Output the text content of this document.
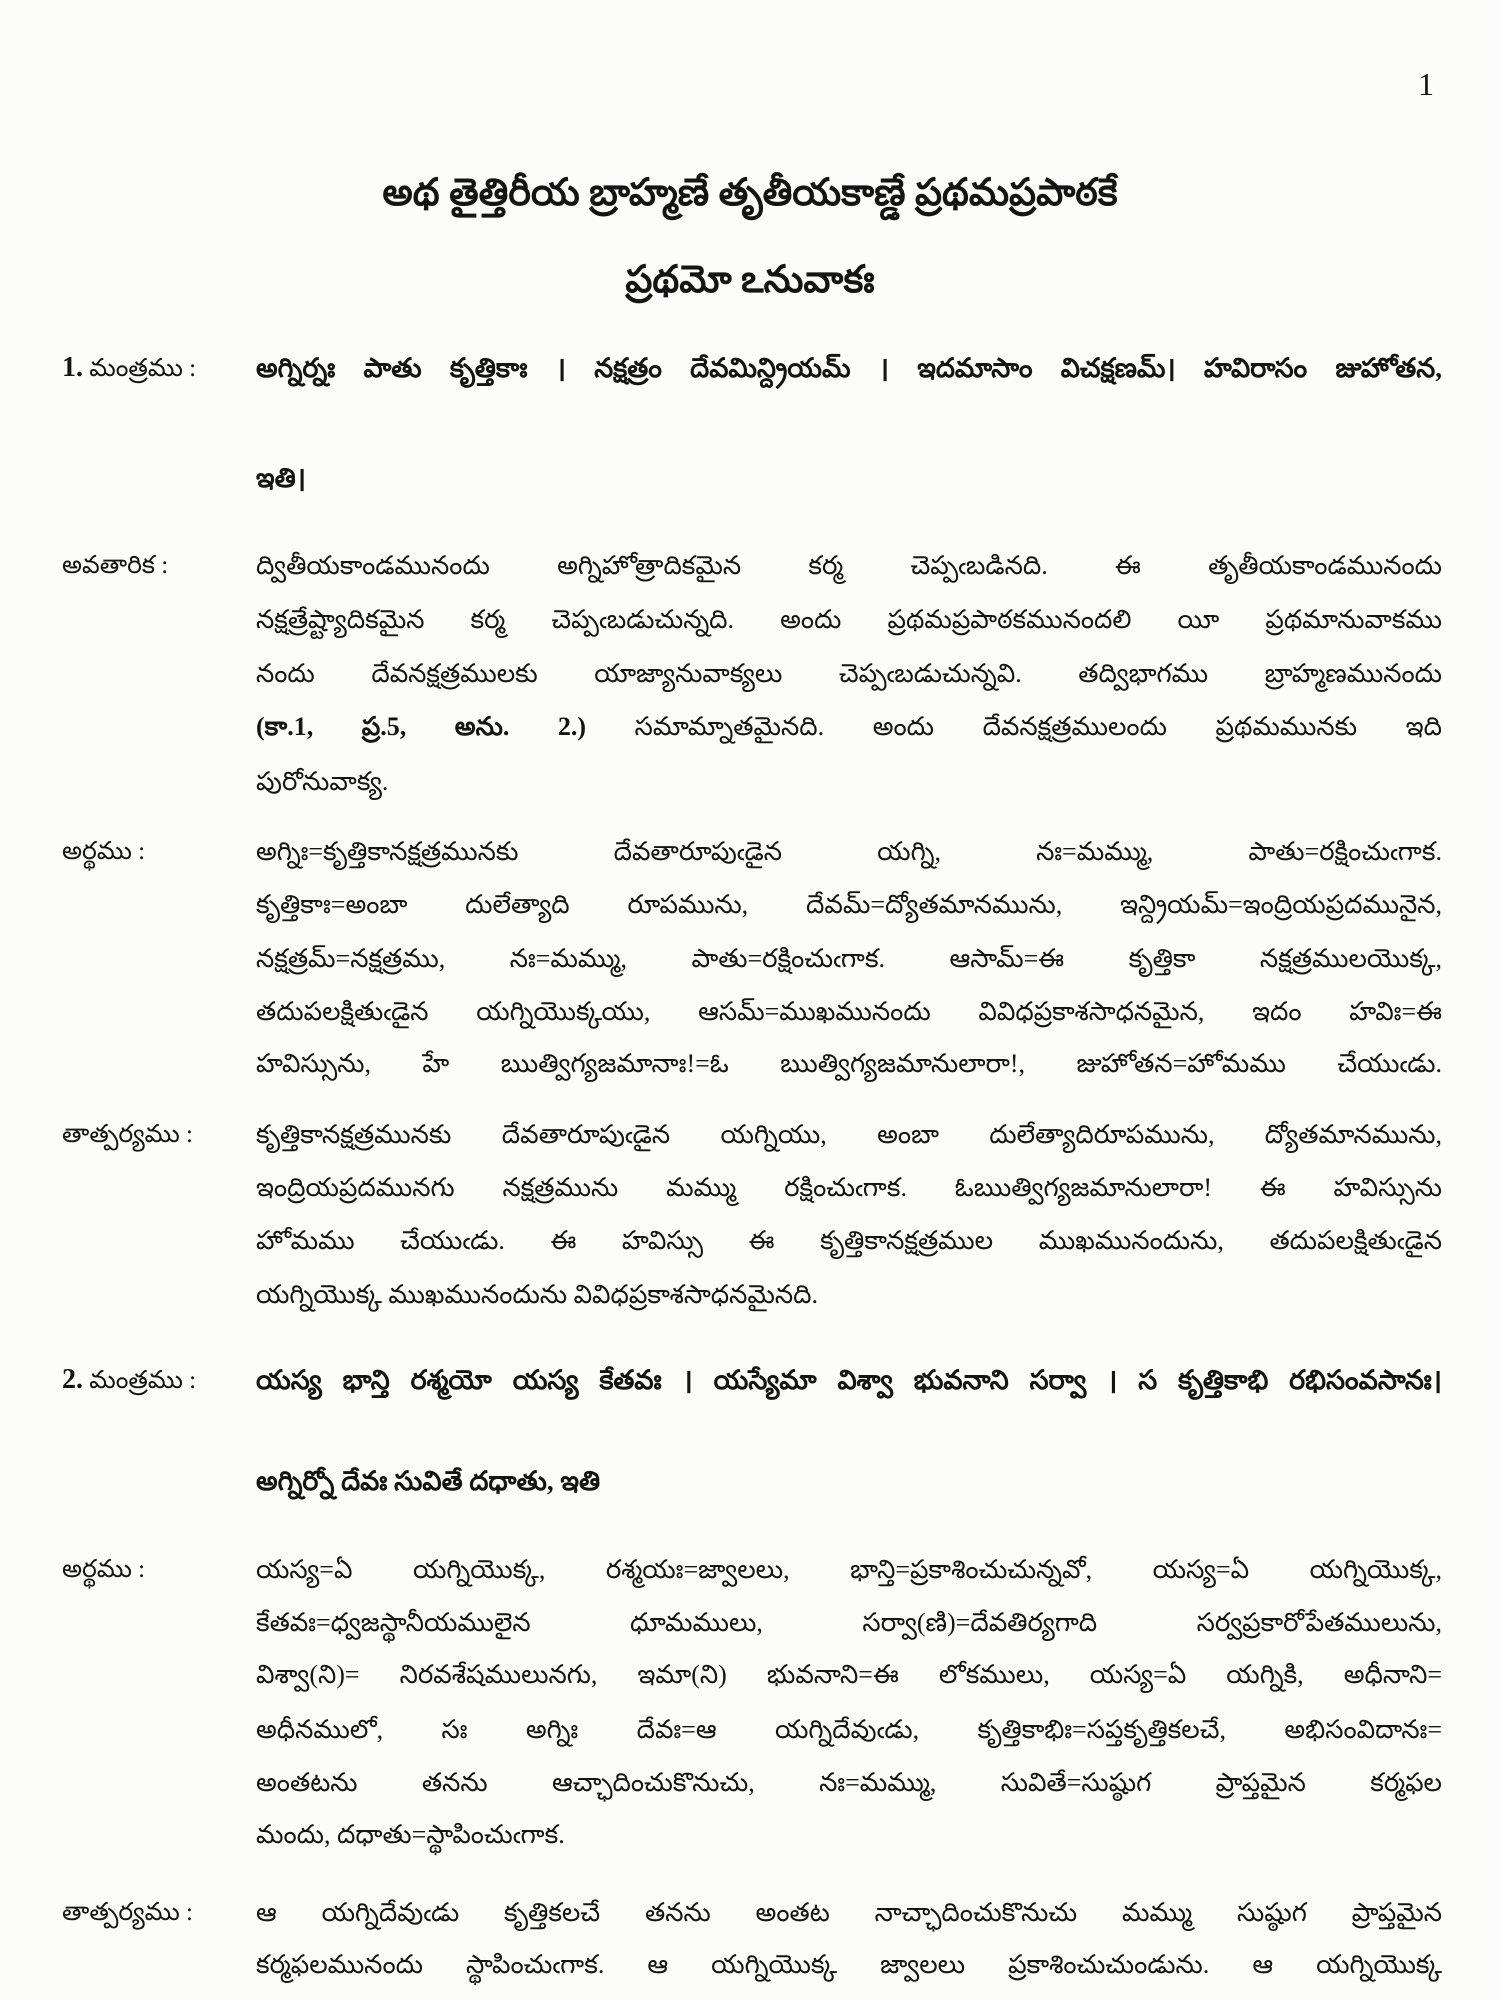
1
అథ తైత్తిరీయ బ్రాహ్మణే తృతీయకాణ్డే ప్రథమప్రపాఠకే
ప్రథమో ఽనువాకః
1. మంత్రము :	అగ్నిర్నః పాతు కృత్తికాః । నక్షత్రం దేవమిన్ద్రియమ్ । ఇదమాసాం విచక్షణమ్। హవిరాసం జుహోతన,
ఇతి।
అవతారిక :	ద్వితీయకాండమునందు అగ్నిహోత్రాదికమైన కర్మ చెప్పఁబడినది. ఈ తృతీయకాండమునందు
నక్షత్రేష్ట్యాదికమైన కర్మ చెప్పఁబడుచున్నది. అందు ప్రథమప్రపాఠకమునందలి యీ ప్రథమానువాకము
నందు దేవనక్షత్రములకు యాజ్యానువాక్యలు చెప్పఁబడుచున్నవి. తద్విభాగము బ్రాహ్మణమునందు
(కా.1, ప్ర.5, అను. 2.) సమామ్నాతమైనది. అందు దేవనక్షత్రములందు ప్రథమమునకు ఇది
పురోనువాక్య.
అర్థము :	అగ్నిః=కృత్తికానక్షత్రమునకు దేవతారూపుఁడైన యగ్ని, నః=మమ్ము, పాతు=రక్షించుఁగాక.
కృత్తికాః=అంబా దులేత్యాది రూపమును, దేవమ్=ద్యోతమానమును, ఇన్ద్రియమ్=ఇంద్రియప్రదమునైన,
నక్షత్రమ్=నక్షత్రము, నః=మమ్ము, పాతు=రక్షించుఁగాక. ఆసామ్=ఈ కృత్తికా నక్షత్రములయొక్క,
తదుపలక్షితుఁడైన యగ్నియొక్కయు, ఆసమ్=ముఖమునందు వివిధప్రకాశసాధనమైన, ఇదం హవిః=ఈ
హవిస్సును, హే ఋత్విగ్యజమానాః!=ఓ ఋత్విగ్యజమానులారా!, జుహోతన=హోమము చేయుఁడు.
తాత్పర్యము :	కృత్తికానక్షత్రమునకు దేవతారూపుఁడైన యగ్నియు, అంబా దులేత్యాదిరూపమును, ద్యోతమానమును,
ఇంద్రియప్రదమునగు నక్షత్రమును మమ్ము రక్షించుఁగాక. ఓఋత్విగ్యజమానులారా! ఈ హవిస్సును
హోమము చేయుఁడు. ఈ హవిస్సు ఈ కృత్తికానక్షత్రముల ముఖమునందును, తదుపలక్షితుఁడైన
యగ్నియొక్క ముఖమునందును వివిధప్రకాశసాధనమైనది.
2. మంత్రము :	యస్య భాన్తి రశ్మయో యస్య కేతవః । యస్యేమా విశ్వా భువనాని సర్వా । స కృత్తికాభి రభిసంవసానః।
అగ్నిర్నో దేవః సువితే దధాతు, ఇతి
అర్థము :	యస్య=ఏ యగ్నియొక్క, రశ్మయః=జ్వాలలు, భాన్తి=ప్రకాశించుచున్నవో, యస్య=ఏ యగ్నియొక్క,
కేతవః=ధ్వజస్థానీయములైన ధూమములు, సర్వా(ణి)=దేవతిర్యగాది సర్వప్రకారోపేతములును,
విశ్వా(ని)= నిరవశేషములునగు, ఇమా(ని) భువనాని=ఈ లోకములు, యస్య=ఏ యగ్నికి, అధీనాని=
అధీనములో, సః అగ్నిః దేవః=ఆ యగ్నిదేవుఁడు, కృత్తికాభిః=సప్తకృత్తికలచే, అభిసంవిదానః=
అంతటను తనను ఆచ్ఛాదించుకొనుచు, నః=మమ్ము, సువితే=సుష్ఠుగ ప్రాప్తమైన కర్మఫల
మందు, దధాతు=స్థాపించుఁగాక.
తాత్పర్యము :	ఆ యగ్నిదేవుఁడు కృత్తికలచే తనను అంతట నాచ్ఛాదించుకొనుచు మమ్ము సుష్ఠుగ ప్రాప్తమైన
కర్మఫలమునందు స్థాపించుఁగాక. ఆ యగ్నియొక్క జ్వాలలు ప్రకాశించుచుండును. ఆ యగ్నియొక్క
